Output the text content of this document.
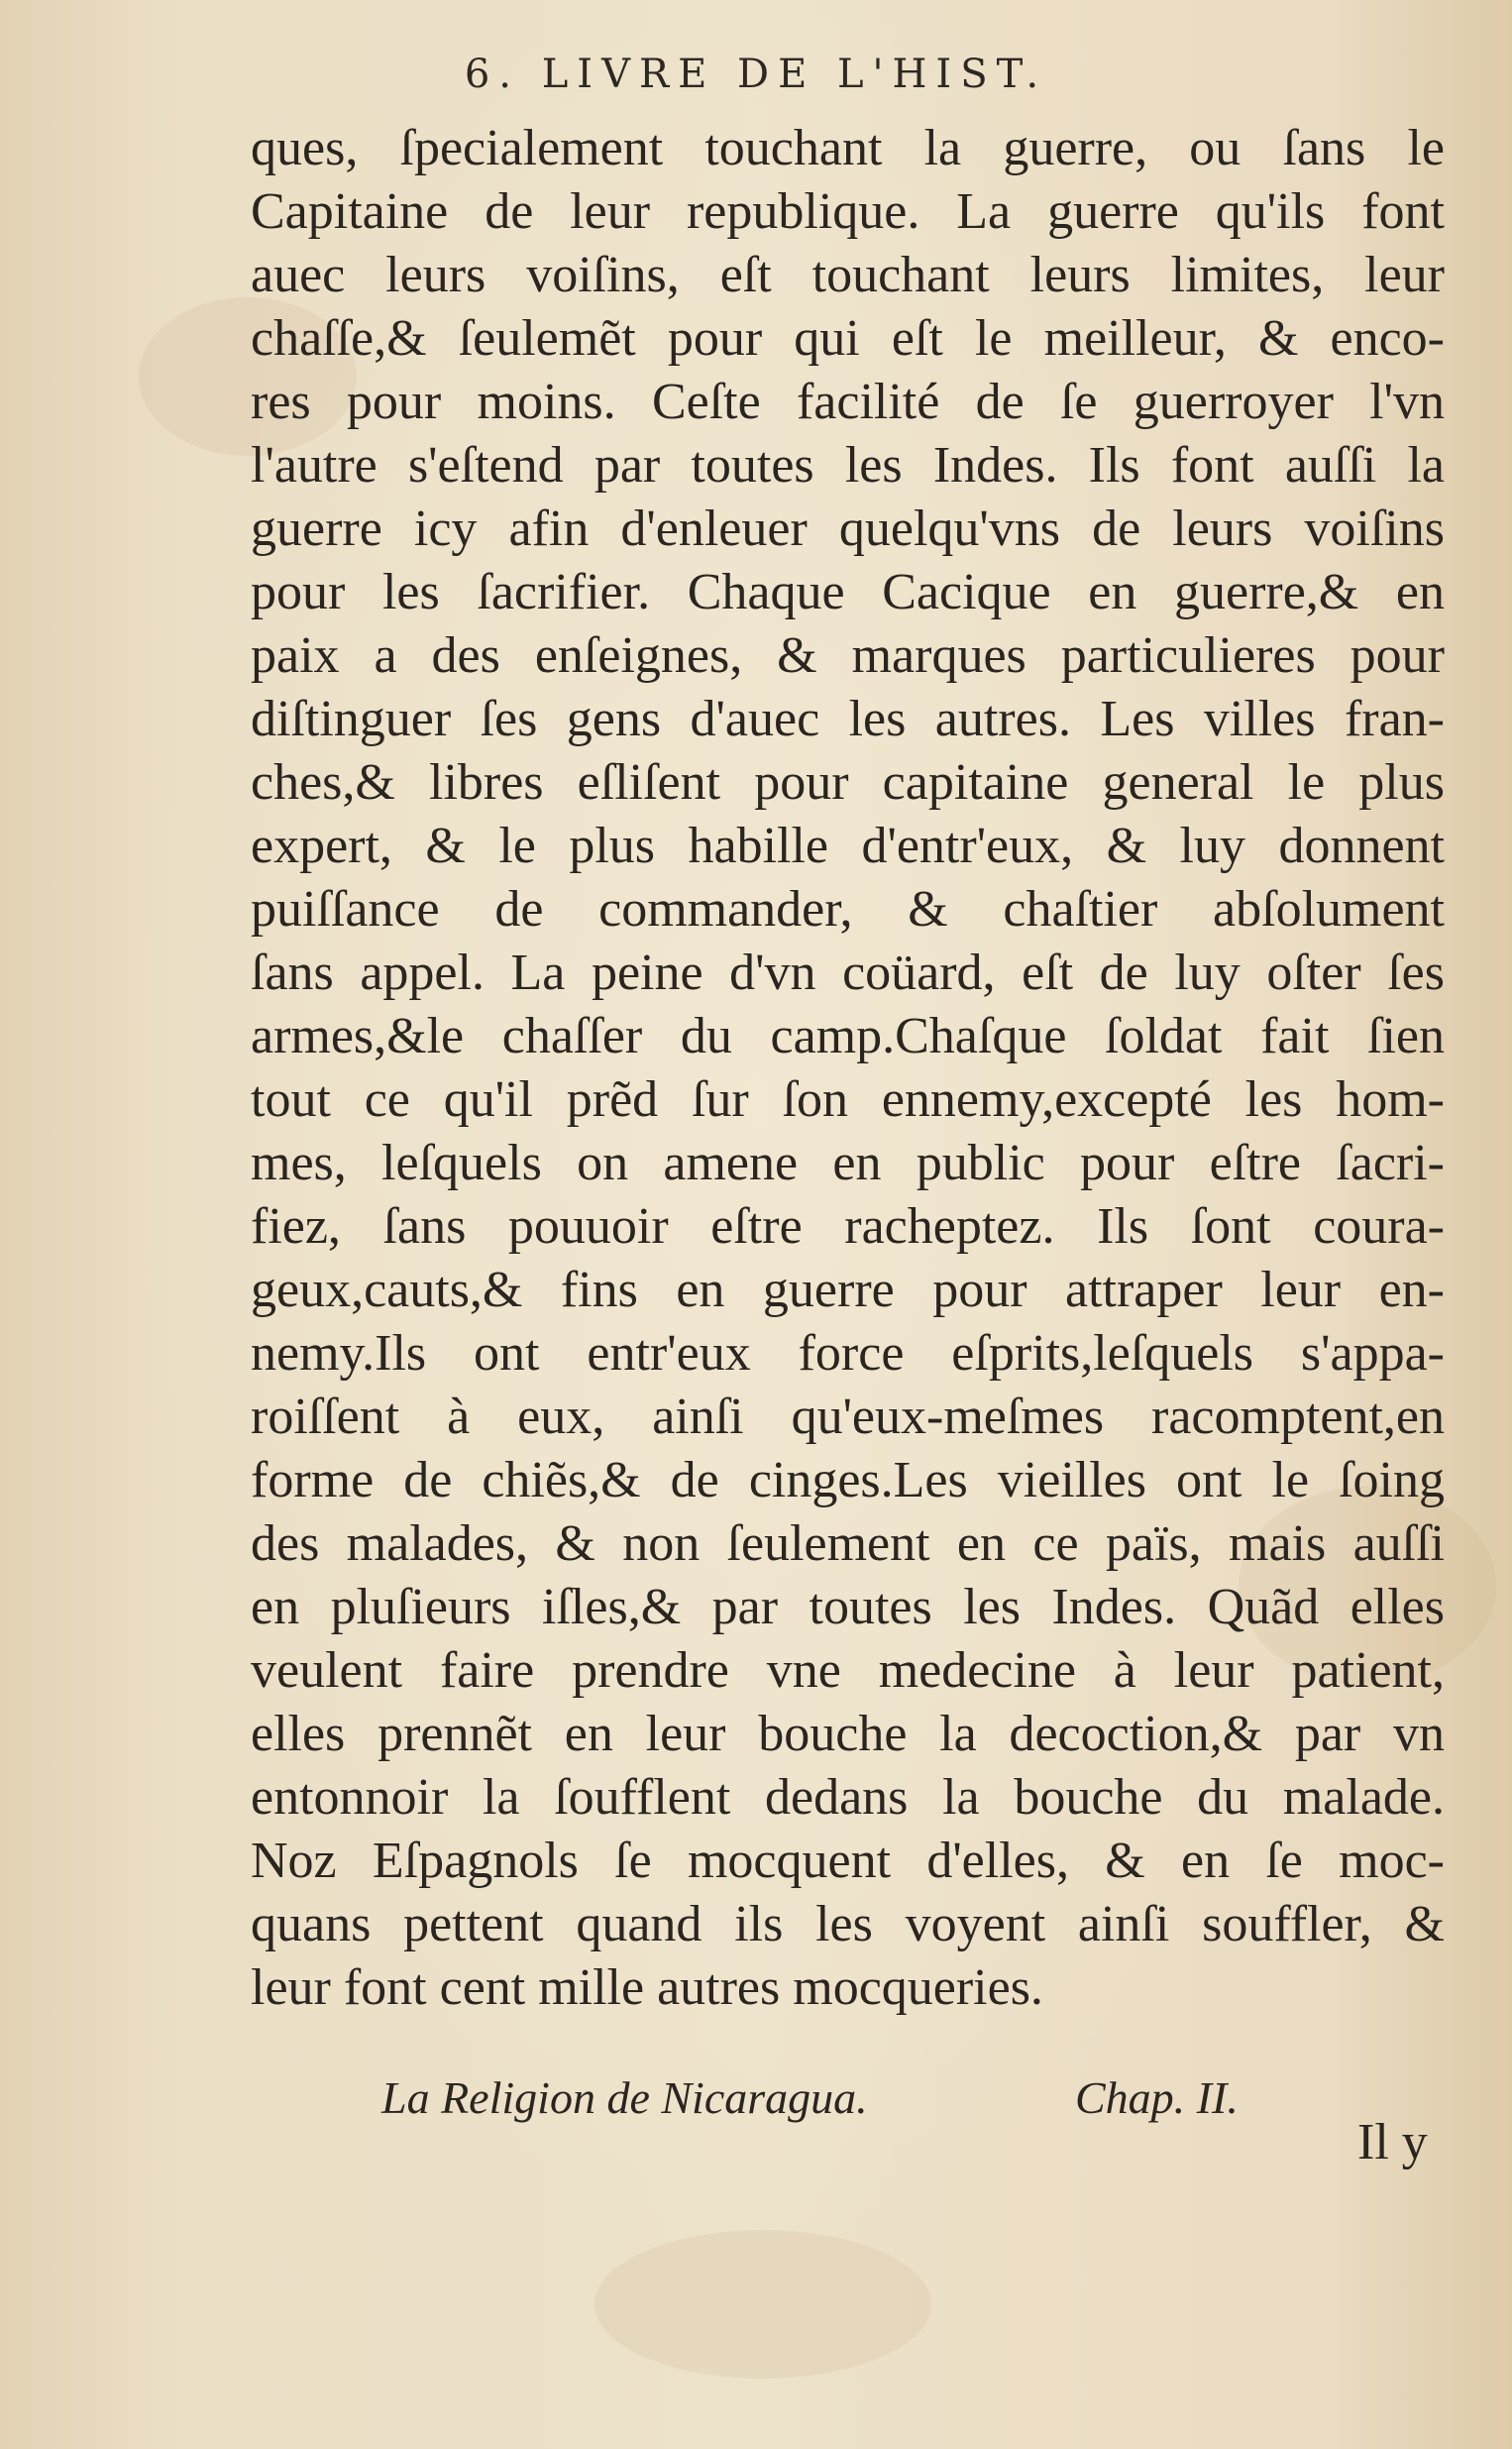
6. LIVRE DE L'HIST.
ques, ſpecialement touchant la guerre, ou ſans le
Capitaine de leur republique. La guerre qu'ils font
auec leurs voiſins, eſt touchant leurs limites, leur
chaſſe,& ſeulemẽt pour qui eſt le meilleur, & enco-
res pour moins. Ceſte facilité de ſe guerroyer l'vn
l'autre s'eſtend par toutes les Indes. Ils font auſſi la
guerre icy afin d'enleuer quelqu'vns de leurs voiſins
pour les ſacrifier. Chaque Cacique en guerre,& en
paix a des enſeignes, & marques particulieres pour
diſtinguer ſes gens d'auec les autres. Les villes fran-
ches,& libres eſliſent pour capitaine general le plus
expert, & le plus habille d'entr'eux, & luy donnent
puiſſance de commander, & chaſtier abſolument
ſans appel. La peine d'vn coüard, eſt de luy oſter ſes
armes,&le chaſſer du camp.Chaſque ſoldat fait ſien
tout ce qu'il prẽd ſur ſon ennemy,excepté les hom-
mes, leſquels on amene en public pour eſtre ſacri-
fiez, ſans pouuoir eſtre racheptez. Ils ſont coura-
geux,cauts,& fins en guerre pour attraper leur en-
nemy.Ils ont entr'eux force eſprits,leſquels s'appa-
roiſſent à eux, ainſi qu'eux-meſmes racomptent,en
forme de chiẽs,& de cinges.Les vieilles ont le ſoing
des malades, & non ſeulement en ce païs, mais auſſi
en pluſieurs iſles,& par toutes les Indes. Quãd elles
veulent faire prendre vne medecine à leur patient,
elles prennẽt en leur bouche la decoction,& par vn
entonnoir la ſoufflent dedans la bouche du malade.
Noz Eſpagnols ſe mocquent d'elles, & en ſe moc-
quans pettent quand ils les voyent ainſi souffler, &
leur font cent mille autres mocqueries.
La Religion de Nicaragua.	Chap. II.
Il y
